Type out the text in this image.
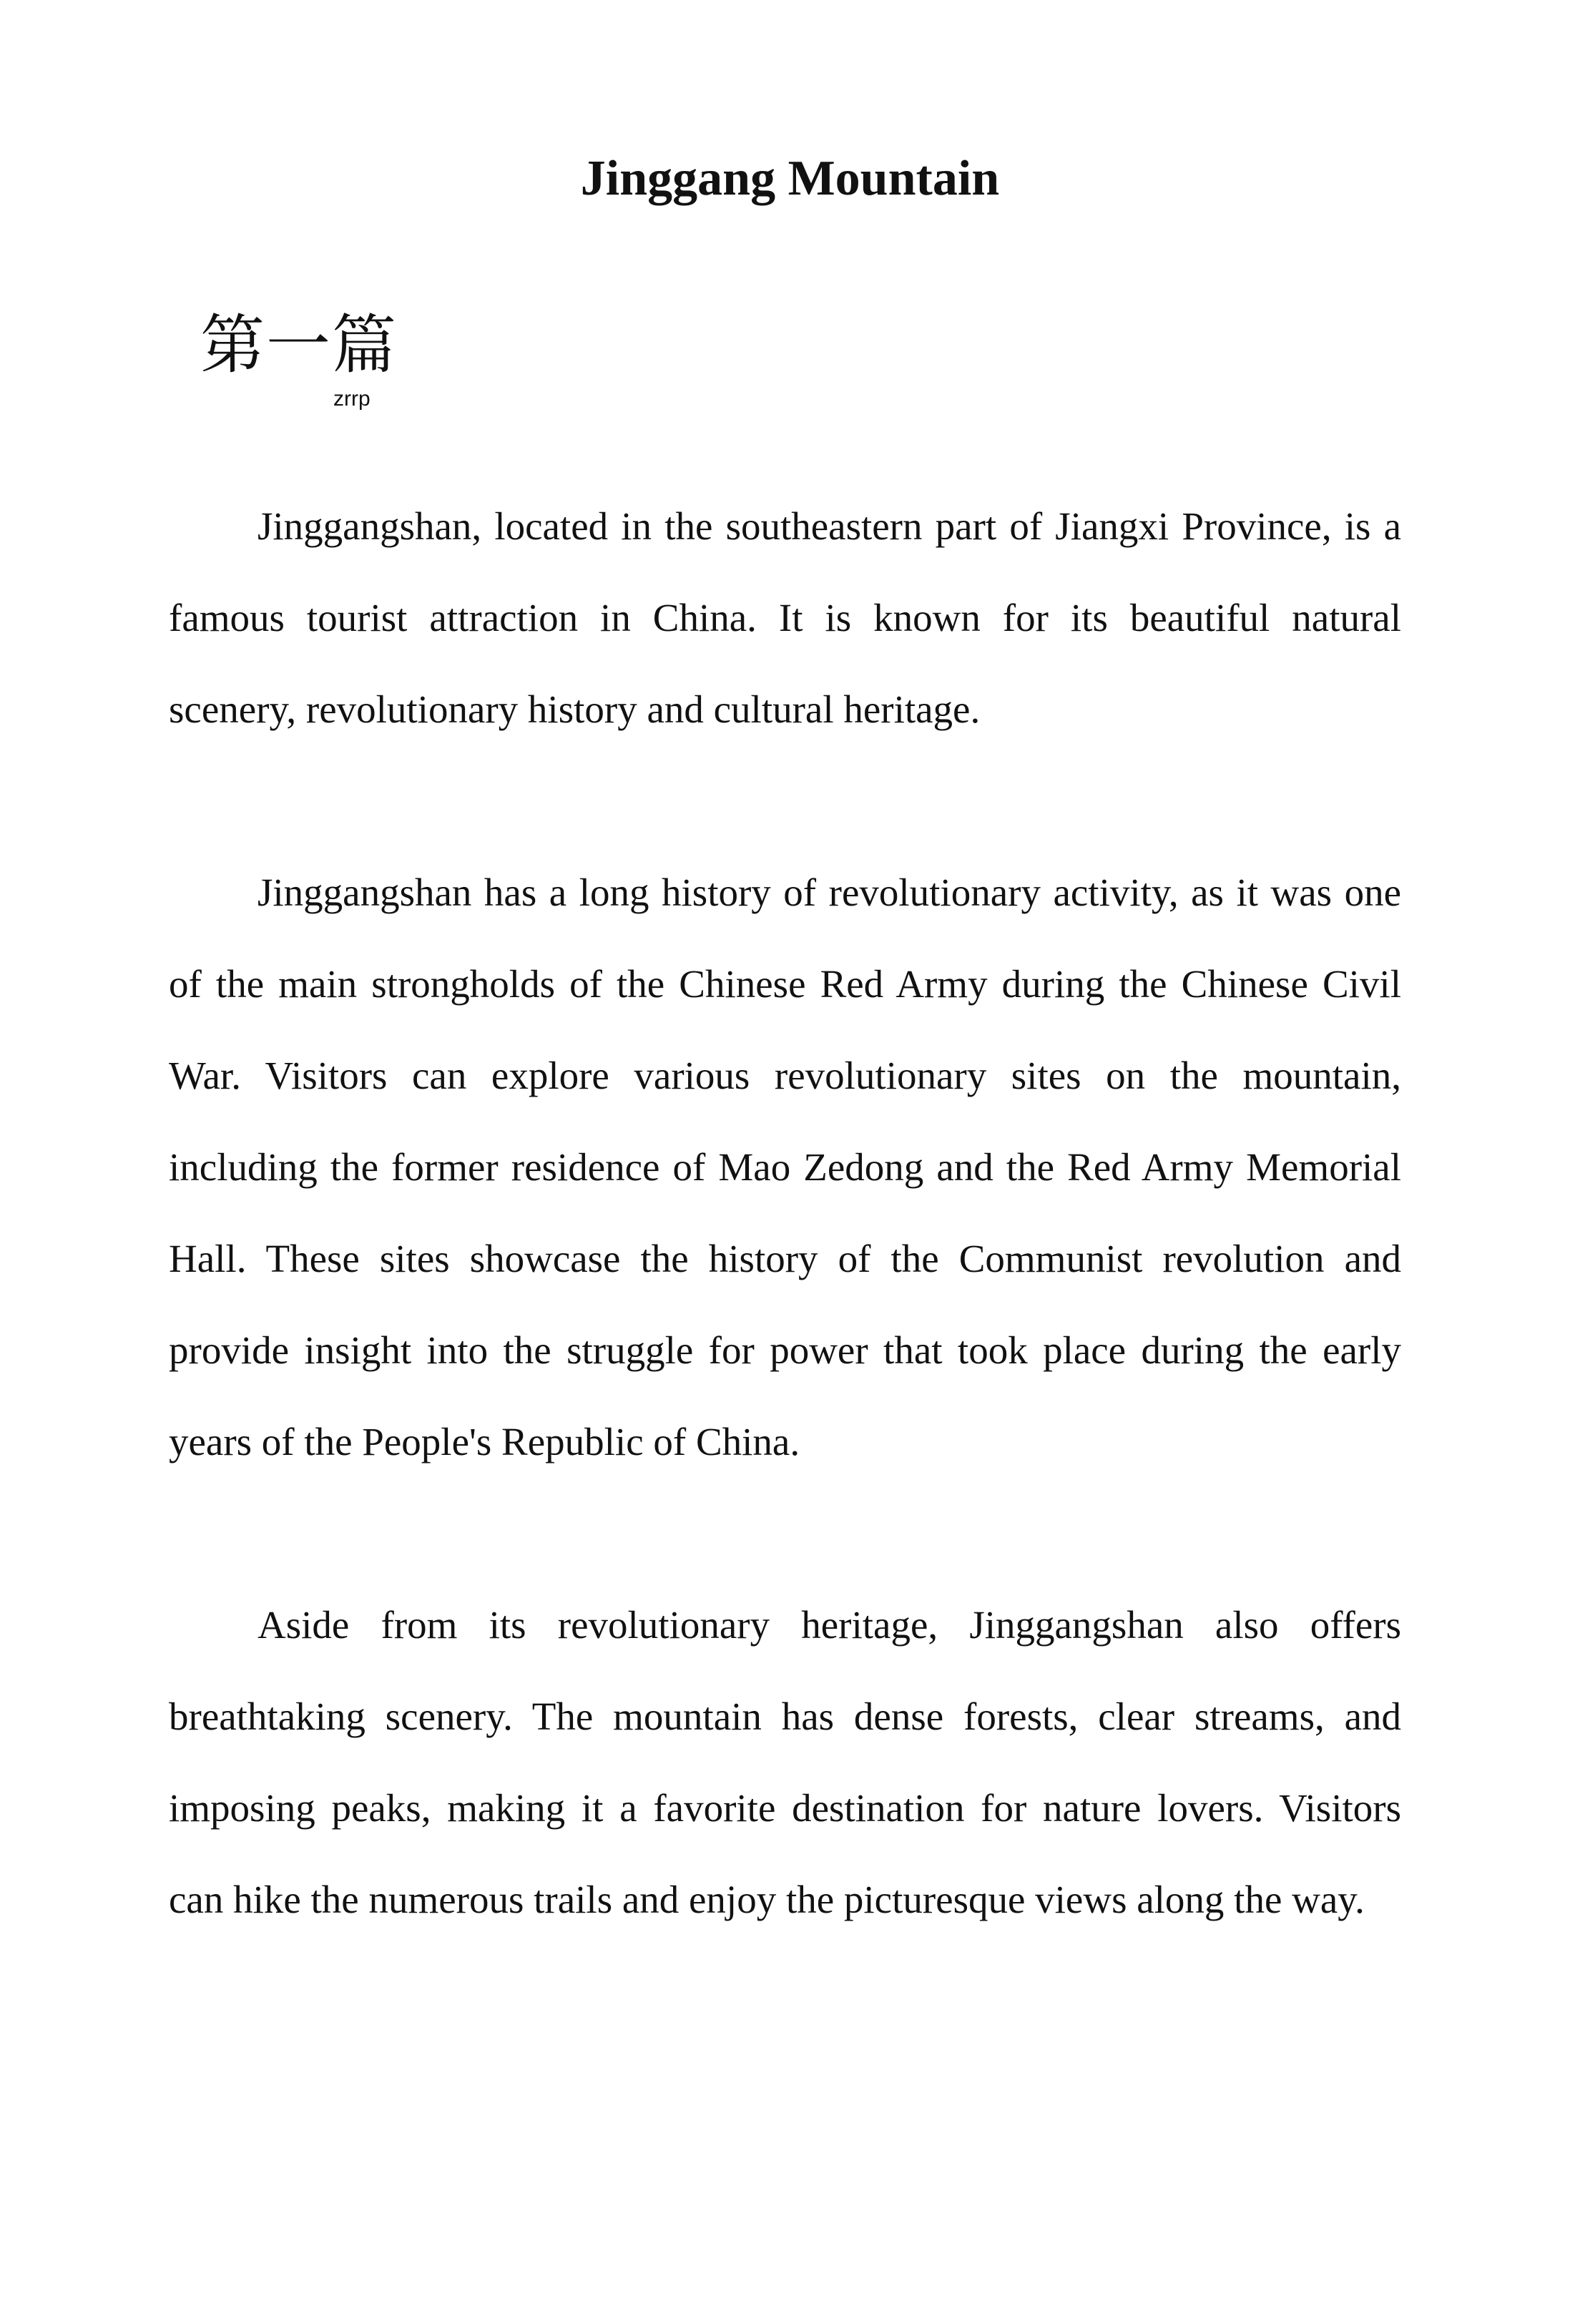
Jinggang Mountain
第一篇
zrrp

Jinggangshan, located in the southeastern part of Jiangxi Province, is a famous tourist attraction in China. It is known for its beautiful natural scenery, revolutionary history and cultural heritage.

Jinggangshan has a long history of revolutionary activity, as it was one of the main strongholds of the Chinese Red Army during the Chinese Civil War. Visitors can explore various revolutionary sites on the mountain, including the former residence of Mao Zedong and the Red Army Memorial Hall. These sites showcase the history of the Communist revolution and provide insight into the struggle for power that took place during the early years of the People's Republic of China.

Aside from its revolutionary heritage, Jinggangshan also offers breathtaking scenery. The mountain has dense forests, clear streams, and imposing peaks, making it a favorite destination for nature lovers. Visitors can hike the numerous trails and enjoy the picturesque views along the way.
